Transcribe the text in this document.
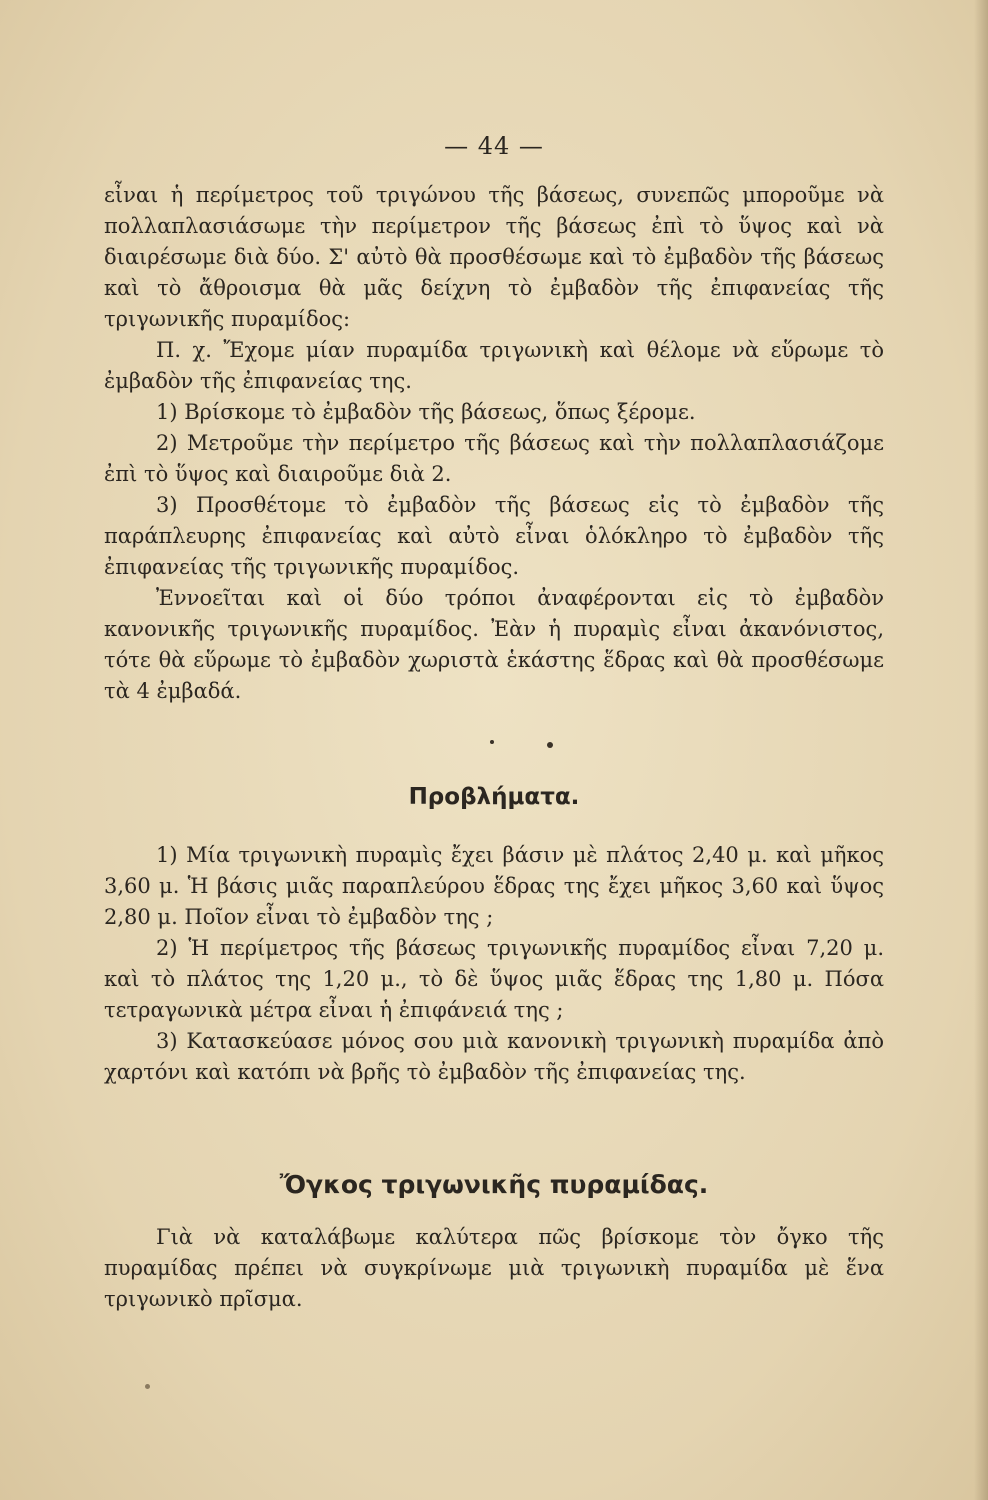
— 44 —

εἶναι ἡ περίμετρος τοῦ τριγώνου τῆς βάσεως, συνεπῶς μποροῦμε νὰ πολλαπλασιάσωμε τὴν περίμετρον τῆς βάσεως ἐπὶ τὸ ὕψος καὶ νὰ διαιρέσωμε διὰ δύο. Σ' αὐτὸ θὰ προσθέσωμε καὶ τὸ ἐμβαδὸν τῆς βάσεως καὶ τὸ ἄθροισμα θὰ μᾶς δείχνη τὸ ἐμβαδὸν τῆς ἐπιφανείας τῆς τριγωνικῆς πυραμίδος:

Π. χ. Ἔχομε μίαν πυραμίδα τριγωνικὴ καὶ θέλομε νὰ εὕρωμε τὸ ἐμβαδὸν τῆς ἐπιφανείας της.

1) Βρίσκομε τὸ ἐμβαδὸν τῆς βάσεως, ὅπως ξέρομε.

2) Μετροῦμε τὴν περίμετρο τῆς βάσεως καὶ τὴν πολλαπλασιάζομε ἐπὶ τὸ ὕψος καὶ διαιροῦμε διὰ 2.

3) Προσθέτομε τὸ ἐμβαδὸν τῆς βάσεως εἰς τὸ ἐμβαδὸν τῆς παράπλευρης ἐπιφανείας καὶ αὐτὸ εἶναι ὁλόκληρο τὸ ἐμβαδὸν τῆς ἐπιφανείας τῆς τριγωνικῆς πυραμίδος.

Ἐννοεῖται καὶ οἱ δύο τρόποι ἀναφέρονται εἰς τὸ ἐμβαδὸν κανονικῆς τριγωνικῆς πυραμίδος. Ἐὰν ἡ πυραμὶς εἶναι ἀκανόνιστος, τότε θὰ εὕρωμε τὸ ἐμβαδὸν χωριστὰ ἑκάστης ἕδρας καὶ θὰ προσθέσωμε τὰ 4 ἐμβαδά.

Προβλήματα.

1) Μία τριγωνικὴ πυραμὶς ἔχει βάσιν μὲ πλάτος 2,40 μ. καὶ μῆκος 3,60 μ. Ἡ βάσις μιᾶς παραπλεύρου ἕδρας της ἔχει μῆκος 3,60 καὶ ὕψος 2,80 μ. Ποῖον εἶναι τὸ ἐμβαδὸν της ;

2) Ἡ περίμετρος τῆς βάσεως τριγωνικῆς πυραμίδος εἶναι 7,20 μ. καὶ τὸ πλάτος της 1,20 μ., τὸ δὲ ὕψος μιᾶς ἕδρας της 1,80 μ. Πόσα τετραγωνικὰ μέτρα εἶναι ἡ ἐπιφάνειά της ;

3) Κατασκεύασε μόνος σου μιὰ κανονικὴ τριγωνικὴ πυραμίδα ἀπὸ χαρτόνι καὶ κατόπι νὰ βρῆς τὸ ἐμβαδὸν τῆς ἐπιφανείας της.

Ὄγκος τριγωνικῆς πυραμίδας.

Γιὰ νὰ καταλάβωμε καλύτερα πῶς βρίσκομε τὸν ὄγκο τῆς πυραμίδας πρέπει νὰ συγκρίνωμε μιὰ τριγωνικὴ πυραμίδα μὲ ἕνα τριγωνικὸ πρῖσμα.
